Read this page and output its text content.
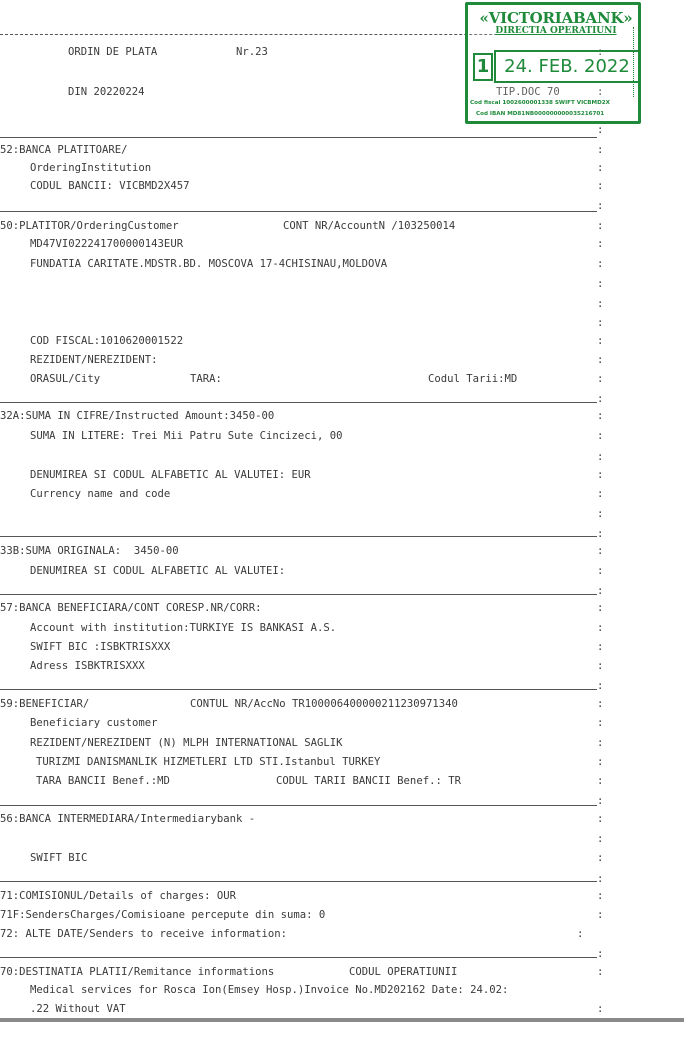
ORDIN DE PLATA

	Nr.23

	:

DIN 20220224

	TIP.DOC 70

	:

:

52:BANCA PLATITOARE/

	:

OrderingInstitution

	:

CODUL BANCII: VICBMD2X457

	:

:

50:PLATITOR/OrderingCustomer

	CONT NR/AccountN /103250014

	:

MD47VI022241700000143EUR

	:

FUNDATIA CARITATE.MDSTR.BD. MOSCOVA 17-4CHISINAU,MOLDOVA

	:

:
:
:

COD FISCAL:1010620001522

	:

REZIDENT/NEREZIDENT:

	:

ORASUL/City

	TARA:

	Codul Tarii:MD

	:

:

32A:SUMA IN CIFRE/Instructed Amount:3450-00

	:

SUMA IN LITERE: Trei Mii Patru Sute Cincizeci, 00

	:

:

DENUMIREA SI CODUL ALFABETIC AL VALUTEI: EUR

	:

Currency name and code

	:

:
:

33B:SUMA ORIGINALA:  3450-00

	:

DENUMIREA SI CODUL ALFABETIC AL VALUTEI:

	:

:

57:BANCA BENEFICIARA/CONT CORESP.NR/CORR:

	:

Account with institution:TURKIYE IS BANKASI A.S.

	:

SWIFT BIC :ISBKTRISXXX

	:

Adress ISBKTRISXXX

	:

:

59:BENEFICIAR/

	CONTUL NR/AccNo TR100006400000211230971340

	:

Beneficiary customer

	:

REZIDENT/NEREZIDENT (N) MLPH INTERNATIONAL SAGLIK

	:

TURIZMI DANISMANLIK HIZMETLERI LTD STI.Istanbul TURKEY

	:

TARA BANCII Benef.:MD

	CODUL TARII BANCII Benef.: TR

	:

:

56:BANCA INTERMEDIARA/Intermediarybank -

	:

:

SWIFT BIC

	:

:

71:COMISIONUL/Details of charges: OUR

	:

71F:SendersCharges/Comisioane percepute din suma: 0

	:

72: ALTE DATE/Senders to receive information:

	:

:

70:DESTINATIA PLATII/Remitance informations

	CODUL OPERATIUNII

	:

Medical services for Rosca Ion(Emsey Hosp.)Invoice No.MD202162 Date: 24.02:

.22 Without VAT

	:

«VICTORIABANK»
DIRECTIA OPERATIUNI
1 24. FEB. 2022
Cod fiscal 1002600001338 SWIFT VICBMD2X
Cod IBAN MD81NB000000000035216701
